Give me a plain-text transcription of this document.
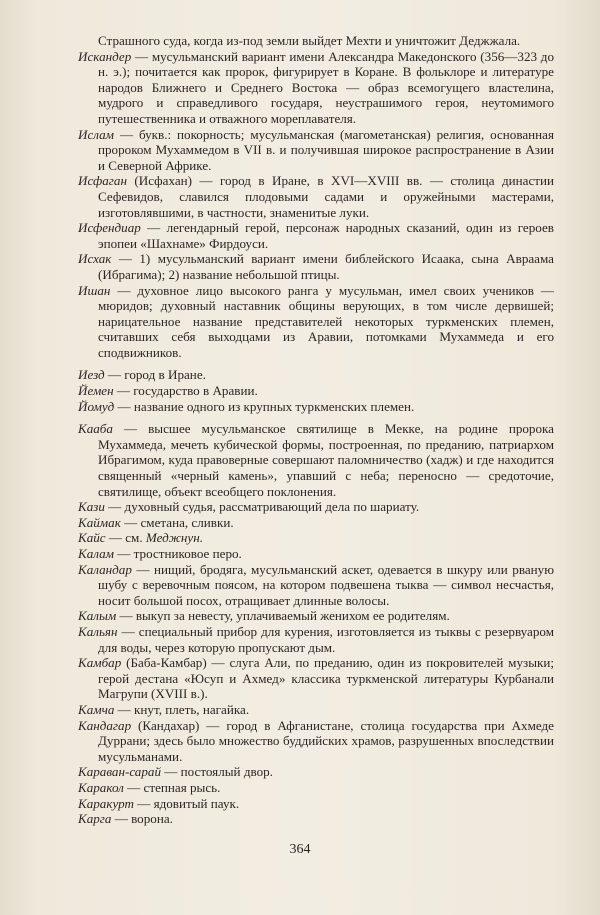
Страшного суда, когда из-под земли выйдет Мехти и уничтожит Деджжала.

Искандер — мусульманский вариант имени Александра Македонского (356—323 до н. э.); почитается как пророк, фигурирует в Коране. В фольклоре и литературе народов Ближнего и Среднего Востока — образ всемогущего властелина, мудрого и справедливого государя, неустрашимого героя, неутомимого путешественника и отважного мореплавателя.

Ислам — букв.: покорность; мусульманская (магометанская) религия, основанная пророком Мухаммедом в VII в. и получившая широкое распространение в Азии и Северной Африке.

Исфаган (Исфахан) — город в Иране, в XVI—XVIII вв. — столица династии Сефевидов, славился плодовыми садами и оружейными мастерами, изготовлявшими, в частности, знаменитые луки.

Исфендиар — легендарный герой, персонаж народных сказаний, один из героев эпопеи «Шахнаме» Фирдоуси.

Исхак — 1) мусульманский вариант имени библейского Исаака, сына Авраама (Ибрагима); 2) название небольшой птицы.

Ишан — духовное лицо высокого ранга у мусульман, имел своих учеников — мюридов; духовный наставник общины верующих, в том числе дервишей; нарицательное название представителей некоторых туркменских племен, считавших себя выходцами из Аравии, потомками Мухаммеда и его сподвижников.

Иезд — город в Иране.

Йемен — государство в Аравии.

Йомуд — название одного из крупных туркменских племен.

Кааба — высшее мусульманское святилище в Мекке, на родине пророка Мухаммеда, мечеть кубической формы, построенная, по преданию, патриархом Ибрагимом, куда правоверные совершают паломничество (хадж) и где находится священный «черный камень», упавший с неба; переносно — средоточие, святилище, объект всеобщего поклонения.

Кази — духовный судья, рассматривающий дела по шариату.

Каймак — сметана, сливки.

Кайс — см. Меджнун.

Калам — тростниковое перо.

Каландар — нищий, бродяга, мусульманский аскет, одевается в шкуру или рваную шубу с веревочным поясом, на котором подвешена тыква — символ несчастья, носит большой посох, отращивает длинные волосы.

Калым — выкуп за невесту, уплачиваемый женихом ее родителям.

Кальян — специальный прибор для курения, изготовляется из тыквы с резервуаром для воды, через которую пропускают дым.

Камбар (Баба-Камбар) — слуга Али, по преданию, один из покровителей музыки; герой дестана «Юсуп и Ахмед» классика туркменской литературы Курбанали Магрупи (XVIII в.).

Камча — кнут, плеть, нагайка.

Кандагар (Кандахар) — город в Афганистане, столица государства при Ахмеде Дуррани; здесь было множество буддийских храмов, разрушенных впоследствии мусульманами.

Караван-сарай — постоялый двор.

Каракол — степная рысь.

Каракурт — ядовитый паук.

Карга — ворона.

364
